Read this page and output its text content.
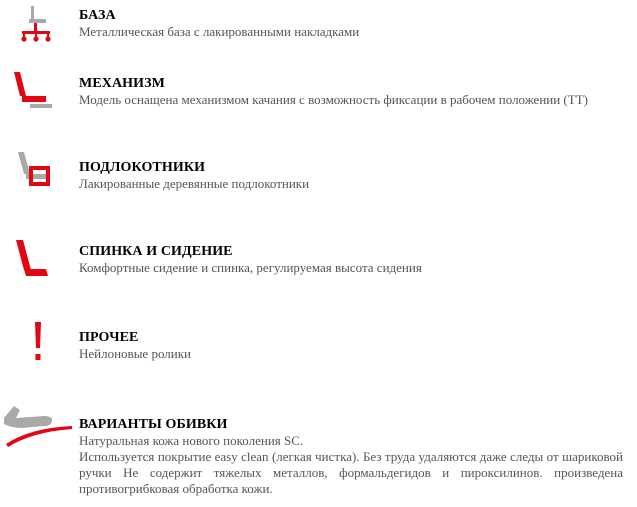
БАЗА

Металлическая база с лакированными накладками

МЕХАНИЗМ

Модель оснащена механизмом качания с возможность фиксации в рабочем положении (TT)

ПОДЛОКОТНИКИ

Лакированные деревянные подлокотники

СПИНКА И СИДЕНИЕ

Комфортные сидение и спинка, регулируемая высота сидения

ПРОЧЕЕ

Нейлоновые ролики

ВАРИАНТЫ ОБИВКИ

Натуральная кожа нового поколения SC.

Используется покрытие easy clean (легкая чистка). Без труда удаляются даже следы от шариковой ручки Не содержит тяжелых металлов, формальдегидов и пироксилинов. произведена противогрибковая обработка кожи.
